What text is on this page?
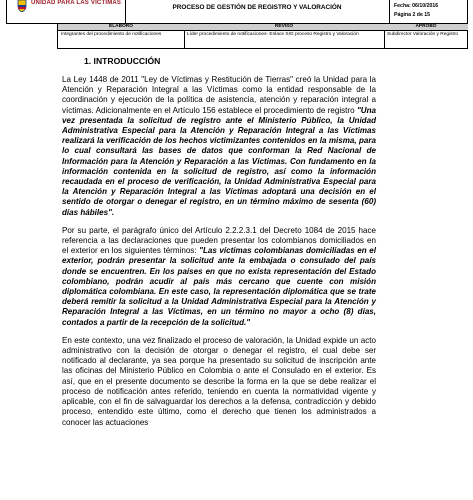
UNIDAD PARA LAS VÍCTIMAS
PROCESO DE GESTIÓN DE REGISTRO Y VALORACIÓN	Fecha: 06/10/2016
Página 2 de 15
ELABORÓ
Integrantes del procedimiento de notificaciones
REVISÓ
Líder procedimiento de notificaciones- Enlace SIG proceso Registro y Valoración
APROBÓ
Subdirector Valoración y Registro
1. INTRODUCCIÓN

La Ley 1448 de 2011 "Ley de Víctimas y Restitución de Tierras" creó la Unidad para la Atención y Reparación Integral a las Víctimas como la entidad responsable de la coordinación y ejecución de la política de asistencia, atención y reparación integral a víctimas. Adicionalmente en el Artículo 156 establece el procedimiento de registro "Una vez presentada la solicitud de registro ante el Ministerio Público, la Unidad Administrativa Especial para la Atención y Reparación Integral a las Víctimas realizará la verificación de los hechos victimizantes contenidos en la misma, para lo cual consultará las bases de datos que conforman la Red Nacional de Información para la Atención y Reparación a las Víctimas. Con fundamento en la información contenida en la solicitud de registro, así como la información recaudada en el proceso de verificación, la Unidad Administrativa Especial para la Atención y Reparación Integral a las Víctimas adoptará una decisión en el sentido de otorgar o denegar el registro, en un término máximo de sesenta (60) días hábiles".

Por su parte, el parágrafo único del Artículo 2.2.2.3.1 del Decreto 1084 de 2015 hace referencia a las declaraciones que pueden presentar los colombianos domiciliados en el exterior en los siguientes términos: "Las víctimas colombianas domiciliadas en el exterior, podrán presentar la solicitud ante la embajada o consulado del país donde se encuentren. En los países en que no exista representación del Estado colombiano, podrán acudir al país más cercano que cuente con misión diplomática colombiana. En este caso, la representación diplomática que se trate deberá remitir la solicitud a la Unidad Administrativa Especial para la Atención y Reparación Integral a las Víctimas, en un término no mayor a ocho (8) días, contados a partir de la recepción de la solicitud."

En este contexto, una vez finalizado el proceso de valoración, la Unidad expide un acto administrativo con la decisión de otorgar o denegar el registro, el cual debe ser notificado al declarante, ya sea porque ha presentado su solicitud de inscripción ante las oficinas del Ministerio Público en Colombia o ante el Consulado en el exterior. Es así, que en el presente documento se describe la forma en la que se debe realizar el proceso de notificación antes referido, teniendo en cuenta la normatividad vigente y aplicable, con el fin de salvaguardar los derechos a la defensa, contradicción y debido proceso, entendido este último, como el derecho que tienen los administrados a conocer las actuaciones
